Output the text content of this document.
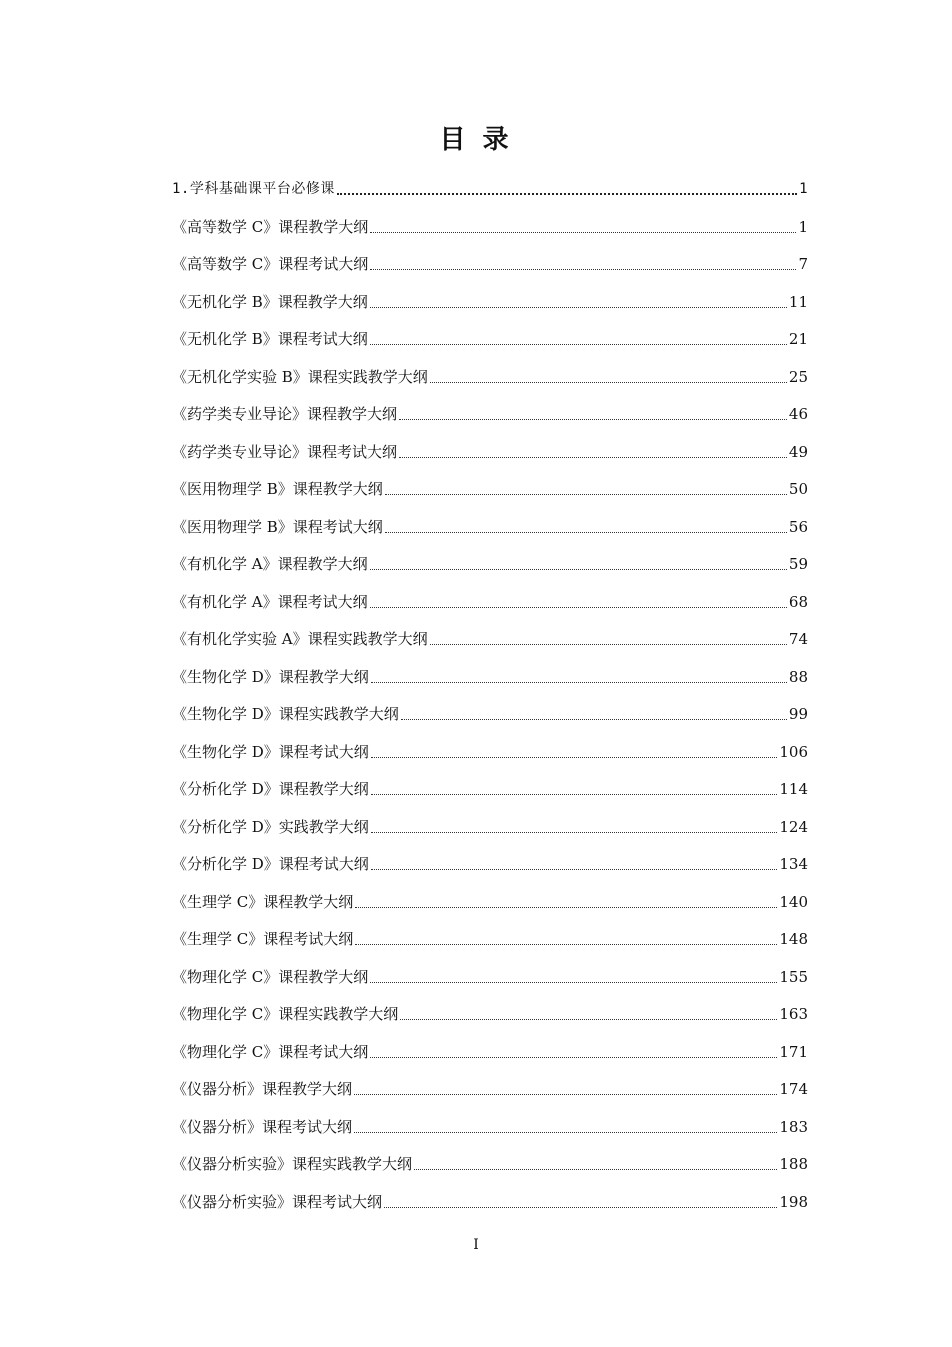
目 录
1.学科基础课平台必修课	1
《高等数学 C》课程教学大纲	1
《高等数学 C》课程考试大纲	7
《无机化学 B》课程教学大纲	11
《无机化学 B》课程考试大纲	21
《无机化学实验 B》课程实践教学大纲	25
《药学类专业导论》课程教学大纲	46
《药学类专业导论》课程考试大纲	49
《医用物理学 B》课程教学大纲	50
《医用物理学 B》课程考试大纲	56
《有机化学 A》课程教学大纲	59
《有机化学 A》课程考试大纲	68
《有机化学实验 A》课程实践教学大纲	74
《生物化学 D》课程教学大纲	88
《生物化学 D》课程实践教学大纲	99
《生物化学 D》课程考试大纲	106
《分析化学 D》课程教学大纲	114
《分析化学 D》实践教学大纲	124
《分析化学 D》课程考试大纲	134
《生理学 C》课程教学大纲	140
《生理学 C》课程考试大纲	148
《物理化学 C》课程教学大纲	155
《物理化学 C》课程实践教学大纲	163
《物理化学 C》课程考试大纲	171
《仪器分析》课程教学大纲	174
《仪器分析》课程考试大纲	183
《仪器分析实验》课程实践教学大纲	188
《仪器分析实验》课程考试大纲	198
I
